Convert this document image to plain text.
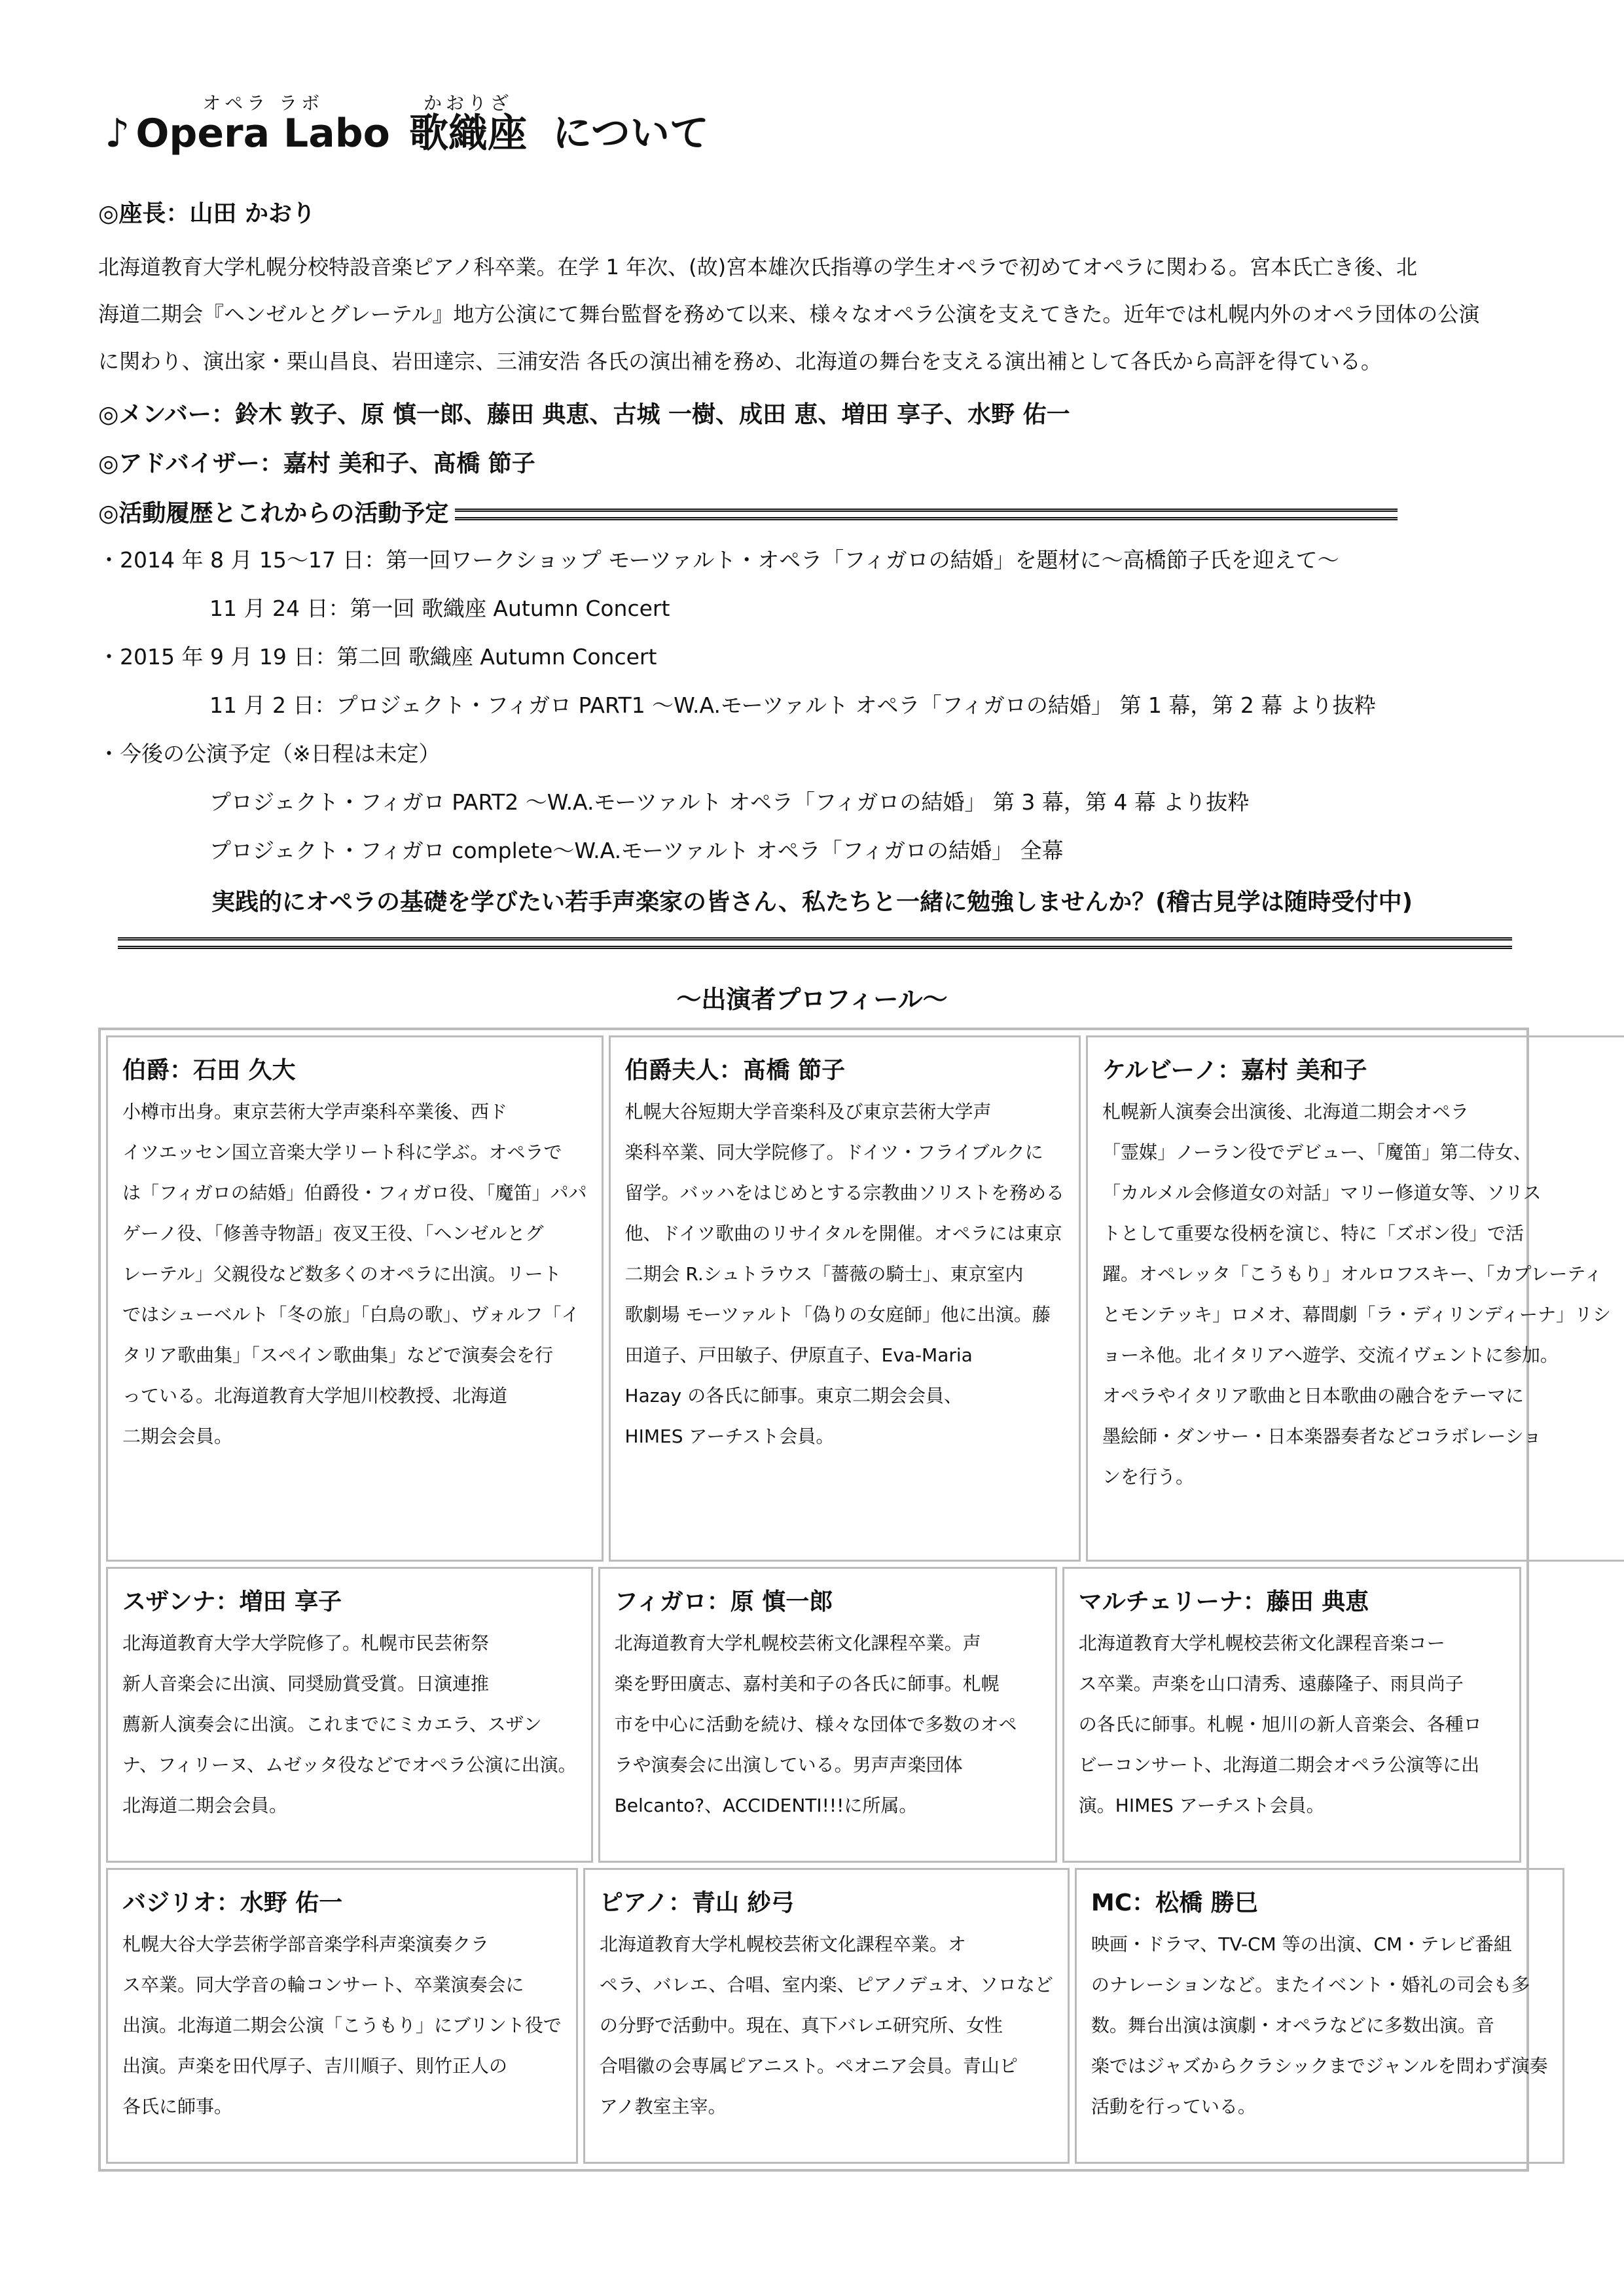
♪
オペラ ラボ
Opera Labo
かおりざ
歌織座 について
◎座長：山田 かおり
北海道教育大学札幌分校特設音楽ピアノ科卒業。在学 1 年次、(故)宮本雄次氏指導の学生オペラで初めてオペラに関わる。宮本氏亡き後、北
海道二期会『ヘンゼルとグレーテル』地方公演にて舞台監督を務めて以来、様々なオペラ公演を支えてきた。近年では札幌内外のオペラ団体の公演
に関わり、演出家・栗山昌良、岩田達宗、三浦安浩 各氏の演出補を務め、北海道の舞台を支える演出補として各氏から高評を得ている。
◎メンバー：鈴木 敦子、原 慎一郎、藤田 典恵、古城 一樹、成田 恵、増田 享子、水野 佑一
◎アドバイザー：嘉村 美和子、髙橋 節子
◎活動履歴とこれからの活動予定
・2014 年 8 月 15～17 日：第一回ワークショップ モーツァルト・オペラ「フィガロの結婚」を題材に～高橋節子氏を迎えて～
11 月 24 日：第一回 歌織座 Autumn Concert
・2015 年 9 月 19 日：第二回 歌織座 Autumn Concert
11 月 2 日：プロジェクト・フィガロ PART1 ～W.A.モーツァルト オペラ「フィガロの結婚」 第 1 幕，第 2 幕 より抜粋
・今後の公演予定（※日程は未定）
プロジェクト・フィガロ PART2 ～W.A.モーツァルト オペラ「フィガロの結婚」 第 3 幕，第 4 幕 より抜粋
プロジェクト・フィガロ complete～W.A.モーツァルト オペラ「フィガロの結婚」 全幕
実践的にオペラの基礎を学びたい若手声楽家の皆さん、私たちと一緒に勉強しませんか？(稽古見学は随時受付中)
～出演者プロフィール～
伯爵：石田 久大
小樽市出身。東京芸術大学声楽科卒業後、西ド
イツエッセン国立音楽大学リート科に学ぶ。オペラで
は「フィガロの結婚」伯爵役・フィガロ役、「魔笛」パパ
ゲーノ役、「修善寺物語」夜叉王役、「ヘンゼルとグ
レーテル」父親役など数多くのオペラに出演。リート
ではシューベルト「冬の旅」「白鳥の歌」、ヴォルフ「イ
タリア歌曲集」「スペイン歌曲集」などで演奏会を行
っている。北海道教育大学旭川校教授、北海道
二期会会員。
伯爵夫人：髙橋 節子
札幌大谷短期大学音楽科及び東京芸術大学声
楽科卒業、同大学院修了。ドイツ・フライブルクに
留学。バッハをはじめとする宗教曲ソリストを務める
他、ドイツ歌曲のリサイタルを開催。オペラには東京
二期会 R.シュトラウス「薔薇の騎士」、東京室内
歌劇場 モーツァルト「偽りの女庭師」他に出演。藤
田道子、戸田敏子、伊原直子、Eva-Maria
Hazay の各氏に師事。東京二期会会員、
HIMES アーチスト会員。
ケルビーノ：嘉村 美和子
札幌新人演奏会出演後、北海道二期会オペラ
「霊媒」ノーラン役でデビュー、「魔笛」第二侍女、
「カルメル会修道女の対話」マリー修道女等、ソリス
トとして重要な役柄を演じ、特に「ズボン役」で活
躍。オペレッタ「こうもり」オルロフスキー、「カプレーティ
とモンテッキ」ロメオ、幕間劇「ラ・ディリンディーナ」リシ
ョーネ他。北イタリアへ遊学、交流イヴェントに参加。
オペラやイタリア歌曲と日本歌曲の融合をテーマに
墨絵師・ダンサー・日本楽器奏者などコラボレーショ
ンを行う。
スザンナ：増田 享子
北海道教育大学大学院修了。札幌市民芸術祭
新人音楽会に出演、同奨励賞受賞。日演連推
薦新人演奏会に出演。これまでにミカエラ、スザン
ナ、フィリーヌ、ムゼッタ役などでオペラ公演に出演。
北海道二期会会員。
フィガロ：原 慎一郎
北海道教育大学札幌校芸術文化課程卒業。声
楽を野田廣志、嘉村美和子の各氏に師事。札幌
市を中心に活動を続け、様々な団体で多数のオペ
ラや演奏会に出演している。男声声楽団体
Belcanto?、ACCIDENTI!!!に所属。
マルチェリーナ：藤田 典恵
北海道教育大学札幌校芸術文化課程音楽コー
ス卒業。声楽を山口清秀、遠藤隆子、雨貝尚子
の各氏に師事。札幌・旭川の新人音楽会、各種ロ
ビーコンサート、北海道二期会オペラ公演等に出
演。HIMES アーチスト会員。
バジリオ：水野 佑一
札幌大谷大学芸術学部音楽学科声楽演奏クラ
ス卒業。同大学音の輪コンサート、卒業演奏会に
出演。北海道二期会公演「こうもり」にブリント役で
出演。声楽を田代厚子、吉川順子、則竹正人の
各氏に師事。
ピアノ：青山 紗弓
北海道教育大学札幌校芸術文化課程卒業。オ
ペラ、バレエ、合唱、室内楽、ピアノデュオ、ソロなど
の分野で活動中。現在、真下バレエ研究所、女性
合唱徽の会専属ピアニスト。ペオニア会員。青山ピ
アノ教室主宰。
MC：松橋 勝巳
映画・ドラマ、TV-CM 等の出演、CM・テレビ番組
のナレーションなど。またイベント・婚礼の司会も多
数。舞台出演は演劇・オペラなどに多数出演。音
楽ではジャズからクラシックまでジャンルを問わず演奏
活動を行っている。
